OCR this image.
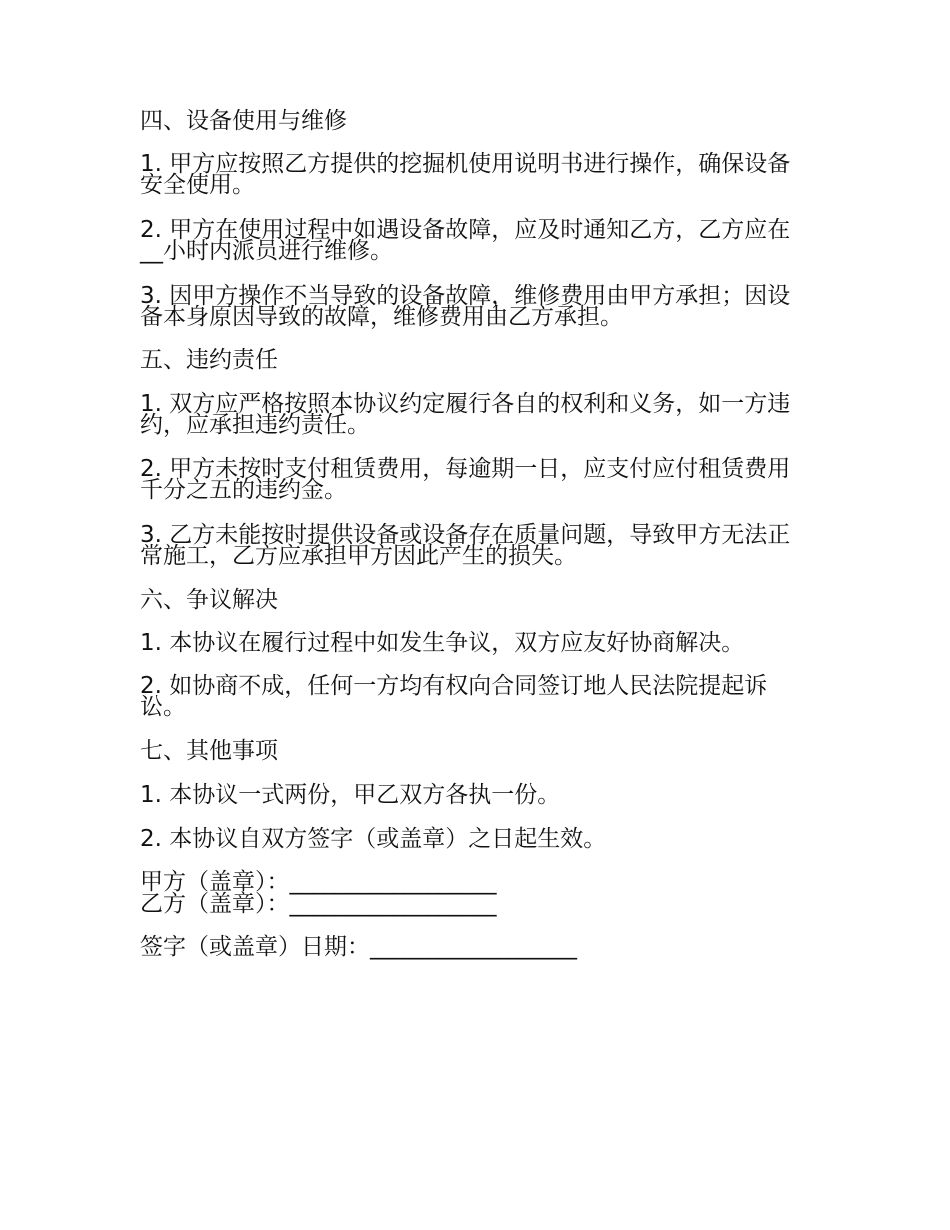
四、设备使用与维修
1. 甲方应按照乙方提供的挖掘机使用说明书进行操作，确保设备安全使用。
2. 甲方在使用过程中如遇设备故障，应及时通知乙方，乙方应在__小时内派员进行维修。
3. 因甲方操作不当导致的设备故障，维修费用由甲方承担；因设备本身原因导致的故障，维修费用由乙方承担。
五、违约责任
1. 双方应严格按照本协议约定履行各自的权利和义务，如一方违约，应承担违约责任。
2. 甲方未按时支付租赁费用，每逾期一日，应支付应付租赁费用千分之五的违约金。
3. 乙方未能按时提供设备或设备存在质量问题，导致甲方无法正常施工，乙方应承担甲方因此产生的损失。
六、争议解决
1. 本协议在履行过程中如发生争议，双方应友好协商解决。
2. 如协商不成，任何一方均有权向合同签订地人民法院提起诉讼。
七、其他事项
1. 本协议一式两份，甲乙双方各执一份。
2. 本协议自双方签字（或盖章）之日起生效。
甲方（盖章）：__________________
乙方（盖章）：__________________
签字（或盖章）日期：__________________
